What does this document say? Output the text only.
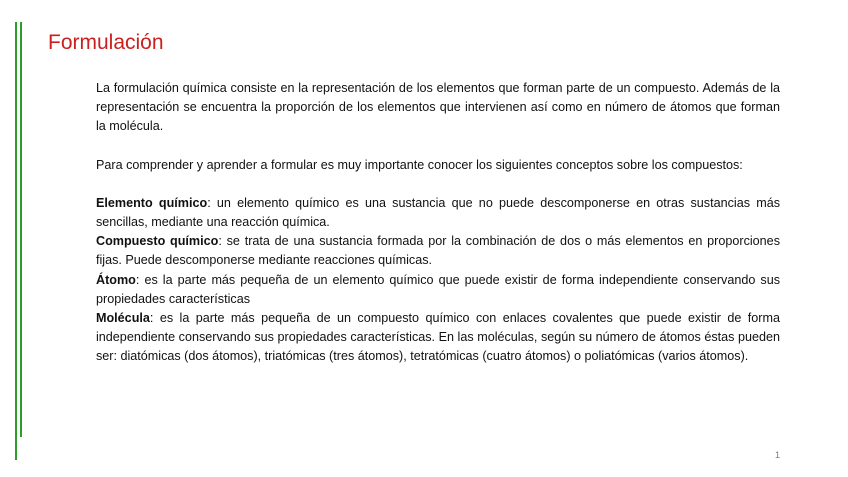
Formulación

La formulación química consiste en la representación de los elementos que forman parte de un compuesto. Además de la representación se encuentra la proporción de los elementos que intervienen así como en número de átomos que forman la molécula.

Para comprender y aprender a formular es muy importante conocer los siguientes conceptos sobre los compuestos:

Elemento químico: un elemento químico es una sustancia que no puede descomponerse en otras sustancias más sencillas, mediante una reacción química.

Compuesto químico: se trata de una sustancia formada por la combinación de dos o más elementos en proporciones fijas. Puede descomponerse mediante reacciones químicas.

Átomo: es la parte más pequeña de un elemento químico que puede existir de forma independiente conservando sus propiedades características

Molécula: es la parte más pequeña de un compuesto químico con enlaces covalentes que puede existir de forma independiente conservando sus propiedades características. En las moléculas, según su número de átomos éstas pueden ser: diatómicas (dos átomos), triatómicas (tres átomos), tetratómicas (cuatro átomos) o poliatómicas (varios átomos).

1
